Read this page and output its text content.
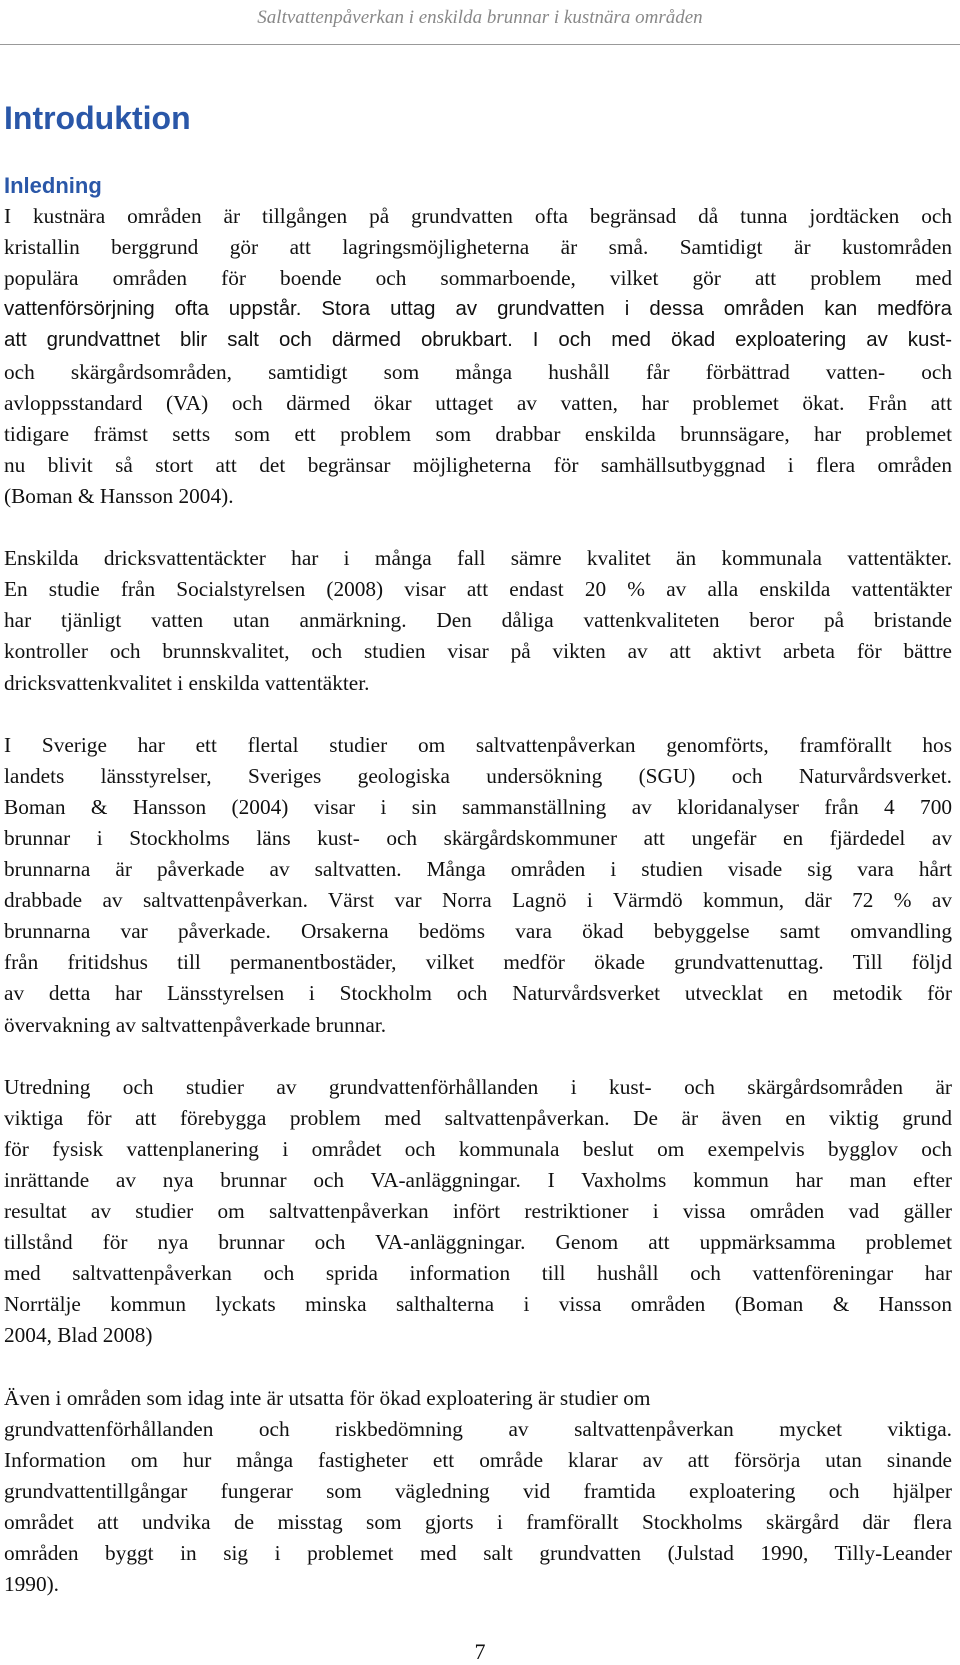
Saltvattenpåverkan i enskilda brunnar i kustnära områden
Introduktion
Inledning

I kustnära områden är tillgången på grundvatten ofta begränsad då tunna jordtäcken och
kristallin berggrund gör att lagringsmöjligheterna är små. Samtidigt är kustområden
populära områden för boende och sommarboende, vilket gör att problem med
vattenförsörjning ofta uppstår. Stora uttag av grundvatten i dessa områden kan medföra
att grundvattnet blir salt och därmed obrukbart. I och med ökad exploatering av kust-
och skärgårdsområden, samtidigt som många hushåll får förbättrad vatten- och
avloppsstandard (VA) och därmed ökar uttaget av vatten, har problemet ökat. Från att
tidigare främst setts som ett problem som drabbar enskilda brunnsägare, har problemet
nu blivit så stort att det begränsar möjligheterna för samhällsutbyggnad i flera områden
(Boman & Hansson 2004).

Enskilda dricksvattentäckter har i många fall sämre kvalitet än kommunala vattentäkter.
En studie från Socialstyrelsen (2008) visar att endast 20 % av alla enskilda vattentäkter
har tjänligt vatten utan anmärkning. Den dåliga vattenkvaliteten beror på bristande
kontroller och brunnskvalitet, och studien visar på vikten av att aktivt arbeta för bättre
dricksvattenkvalitet i enskilda vattentäkter.

I Sverige har ett flertal studier om saltvattenpåverkan genomförts, framförallt hos
landets länsstyrelser, Sveriges geologiska undersökning (SGU) och Naturvårdsverket.
Boman & Hansson (2004) visar i sin sammanställning av kloridanalyser från 4 700
brunnar i Stockholms läns kust- och skärgårdskommuner att ungefär en fjärdedel av
brunnarna är påverkade av saltvatten. Många områden i studien visade sig vara hårt
drabbade av saltvattenpåverkan. Värst var Norra Lagnö i Värmdö kommun, där 72 % av
brunnarna var påverkade. Orsakerna bedöms vara ökad bebyggelse samt omvandling
från fritidshus till permanentbostäder, vilket medför ökade grundvattenuttag. Till följd
av detta har Länsstyrelsen i Stockholm och Naturvårdsverket utvecklat en metodik för
övervakning av saltvattenpåverkade brunnar.

Utredning och studier av grundvattenförhållanden i kust- och skärgårdsområden är
viktiga för att förebygga problem med saltvattenpåverkan. De är även en viktig grund
för fysisk vattenplanering i området och kommunala beslut om exempelvis bygglov och
inrättande av nya brunnar och VA-anläggningar. I Vaxholms kommun har man efter
resultat av studier om saltvattenpåverkan infört restriktioner i vissa områden vad gäller
tillstånd för nya brunnar och VA-anläggningar. Genom att uppmärksamma problemet
med saltvattenpåverkan och sprida information till hushåll och vattenföreningar har
Norrtälje kommun lyckats minska salthalterna i vissa områden (Boman & Hansson
2004, Blad 2008)

Även i områden som idag inte är utsatta för ökad exploatering är studier om
grundvattenförhållanden och riskbedömning av saltvattenpåverkan mycket viktiga.
Information om hur många fastigheter ett område klarar av att försörja utan sinande
grundvattentillgångar fungerar som vägledning vid framtida exploatering och hjälper
området att undvika de misstag som gjorts i framförallt Stockholms skärgård där flera
områden byggt in sig i problemet med salt grundvatten (Julstad 1990, Tilly-Leander
1990).

7
